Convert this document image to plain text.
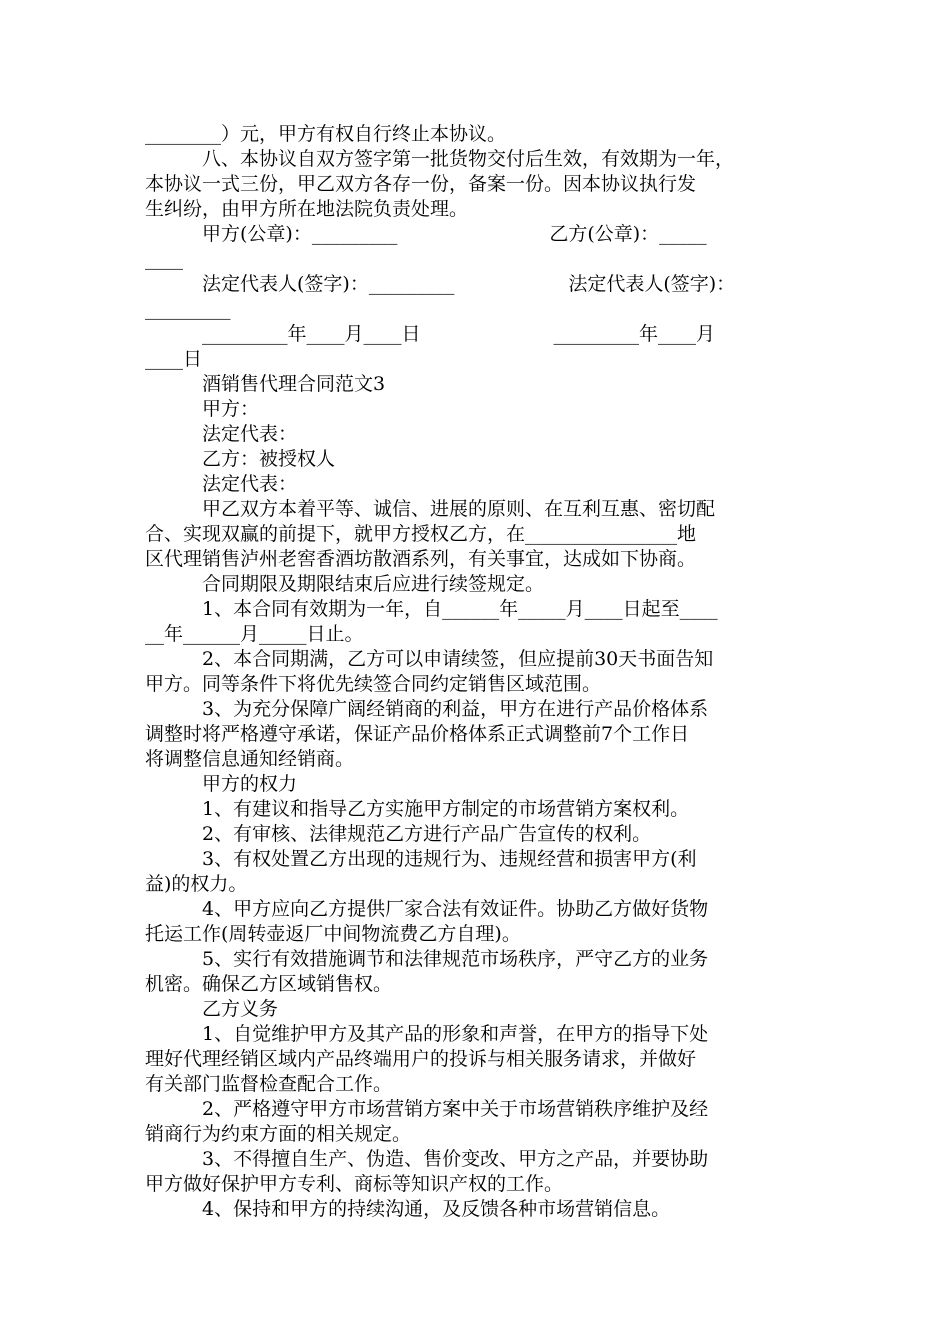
________）元，甲方有权自行终止本协议。

　　　八、本协议自双方签字第一批货物交付后生效，有效期为一年，

本协议一式三份，甲乙双方各存一份，备案一份。因本协议执行发

生纠纷，由甲方所在地法院负责处理。

　　　甲方(公章)：_________　　　　　　　　乙方(公章)：_____

____

　　　法定代表人(签字)：_________　　　　　　法定代表人(签字)：

_________

　　　_________年____月____日　　　　　　　_________年____月

____日

　　　酒销售代理合同范文3

　　　甲方：

　　　法定代表：

　　　乙方：被授权人

　　　法定代表：

　　　甲乙双方本着平等、诚信、进展的原则、在互利互惠、密切配

合、实现双赢的前提下，就甲方授权乙方，在________________地

区代理销售泸州老窖香酒坊散酒系列，有关事宜，达成如下协商。

　　　合同期限及期限结束后应进行续签规定。

　　　1、本合同有效期为一年，自______年_____月____日起至____

__年______月_____日止。

　　　2、本合同期满，乙方可以申请续签，但应提前30天书面告知

甲方。同等条件下将优先续签合同约定销售区域范围。

　　　3、为充分保障广阔经销商的利益，甲方在进行产品价格体系

调整时将严格遵守承诺，保证产品价格体系正式调整前7个工作日

将调整信息通知经销商。

　　　甲方的权力

　　　1、有建议和指导乙方实施甲方制定的市场营销方案权利。

　　　2、有审核、法律规范乙方进行产品广告宣传的权利。

　　　3、有权处置乙方出现的违规行为、违规经营和损害甲方(利

益)的权力。

　　　4、甲方应向乙方提供厂家合法有效证件。协助乙方做好货物

托运工作(周转壶返厂中间物流费乙方自理)。

　　　5、实行有效措施调节和法律规范市场秩序，严守乙方的业务

机密。确保乙方区域销售权。

　　　乙方义务

　　　1、自觉维护甲方及其产品的形象和声誉，在甲方的指导下处

理好代理经销区域内产品终端用户的投诉与相关服务请求，并做好

有关部门监督检查配合工作。

　　　2、严格遵守甲方市场营销方案中关于市场营销秩序维护及经

销商行为约束方面的相关规定。

　　　3、不得擅自生产、伪造、售价变改、甲方之产品，并要协助

甲方做好保护甲方专利、商标等知识产权的工作。

　　　4、保持和甲方的持续沟通，及反馈各种市场营销信息。
